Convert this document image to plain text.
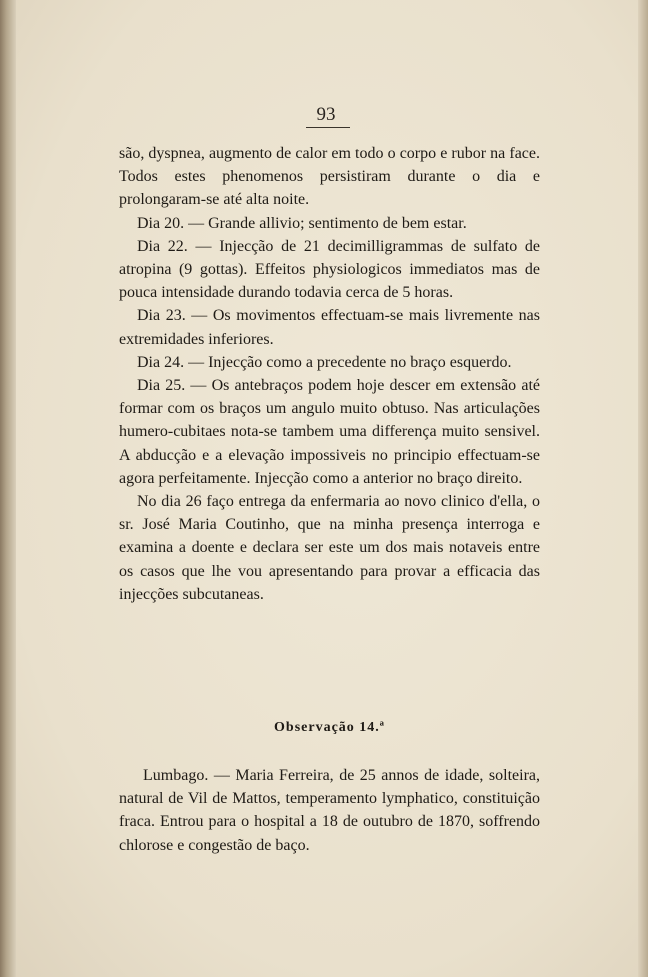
93

são, dyspnea, augmento de calor em todo o corpo e rubor na face. Todos estes phenomenos persistiram durante o dia e prolongaram-se até alta noite.

Dia 20. — Grande allivio; sentimento de bem estar.

Dia 22. — Injecção de 21 decimilligrammas de sulfato de atropina (9 gottas). Effeitos physiologicos immediatos mas de pouca intensidade durando todavia cerca de 5 horas.

Dia 23. — Os movimentos effectuam-se mais livremente nas extremidades inferiores.

Dia 24. — Injecção como a precedente no braço esquerdo.

Dia 25. — Os antebraços podem hoje descer em extensão até formar com os braços um angulo muito obtuso. Nas articulações humero-cubitaes nota-se tambem uma differença muito sensivel. A abducção e a elevação impossiveis no principio effectuam-se agora perfeitamente. Injecção como a anterior no braço direito.

No dia 26 faço entrega da enfermaria ao novo clinico d'ella, o sr. José Maria Coutinho, que na minha presença interroga e examina a doente e declara ser este um dos mais notaveis entre os casos que lhe vou apresentando para provar a efficacia das injecções subcutaneas.

Observação 14.ª

Lumbago. — Maria Ferreira, de 25 annos de idade, solteira, natural de Vil de Mattos, temperamento lymphatico, constituição fraca. Entrou para o hospital a 18 de outubro de 1870, soffrendo chlorose e congestão de baço.
